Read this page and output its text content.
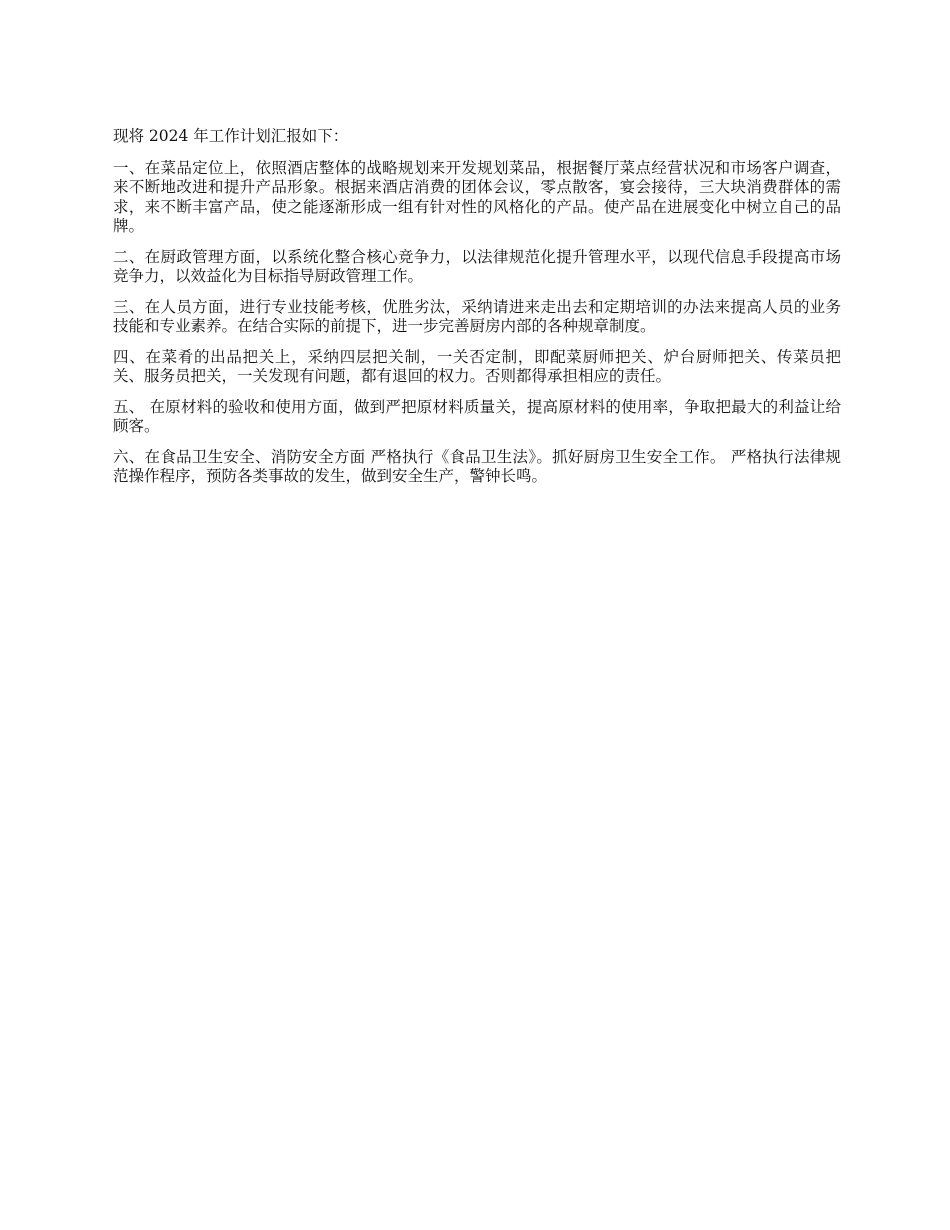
现将 2024 年工作计划汇报如下：

一、在菜品定位上，依照酒店整体的战略规划来开发规划菜品，根据餐厅菜点经营状况和市场客户调查，来不断地改进和提升产品形象。根据来酒店消费的团体会议，零点散客，宴会接待，三大块消费群体的需求，来不断丰富产品，使之能逐渐形成一组有针对性的风格化的产品。使产品在进展变化中树立自己的品牌。

二、在厨政管理方面，以系统化整合核心竞争力，以法律规范化提升管理水平，以现代信息手段提高市场竞争力，以效益化为目标指导厨政管理工作。

三、在人员方面，进行专业技能考核，优胜劣汰，采纳请进来走出去和定期培训的办法来提高人员的业务技能和专业素养。在结合实际的前提下，进一步完善厨房内部的各种规章制度。

四、在菜肴的出品把关上，采纳四层把关制，一关否定制，即配菜厨师把关、炉台厨师把关、传菜员把关、服务员把关，一关发现有问题，都有退回的权力。否则都得承担相应的责任。

五、 在原材料的验收和使用方面，做到严把原材料质量关，提高原材料的使用率，争取把最大的利益让给顾客。

六、在食品卫生安全、消防安全方面 严格执行《食品卫生法》。抓好厨房卫生安全工作。 严格执行法律规范操作程序，预防各类事故的发生，做到安全生产，警钟长鸣。
